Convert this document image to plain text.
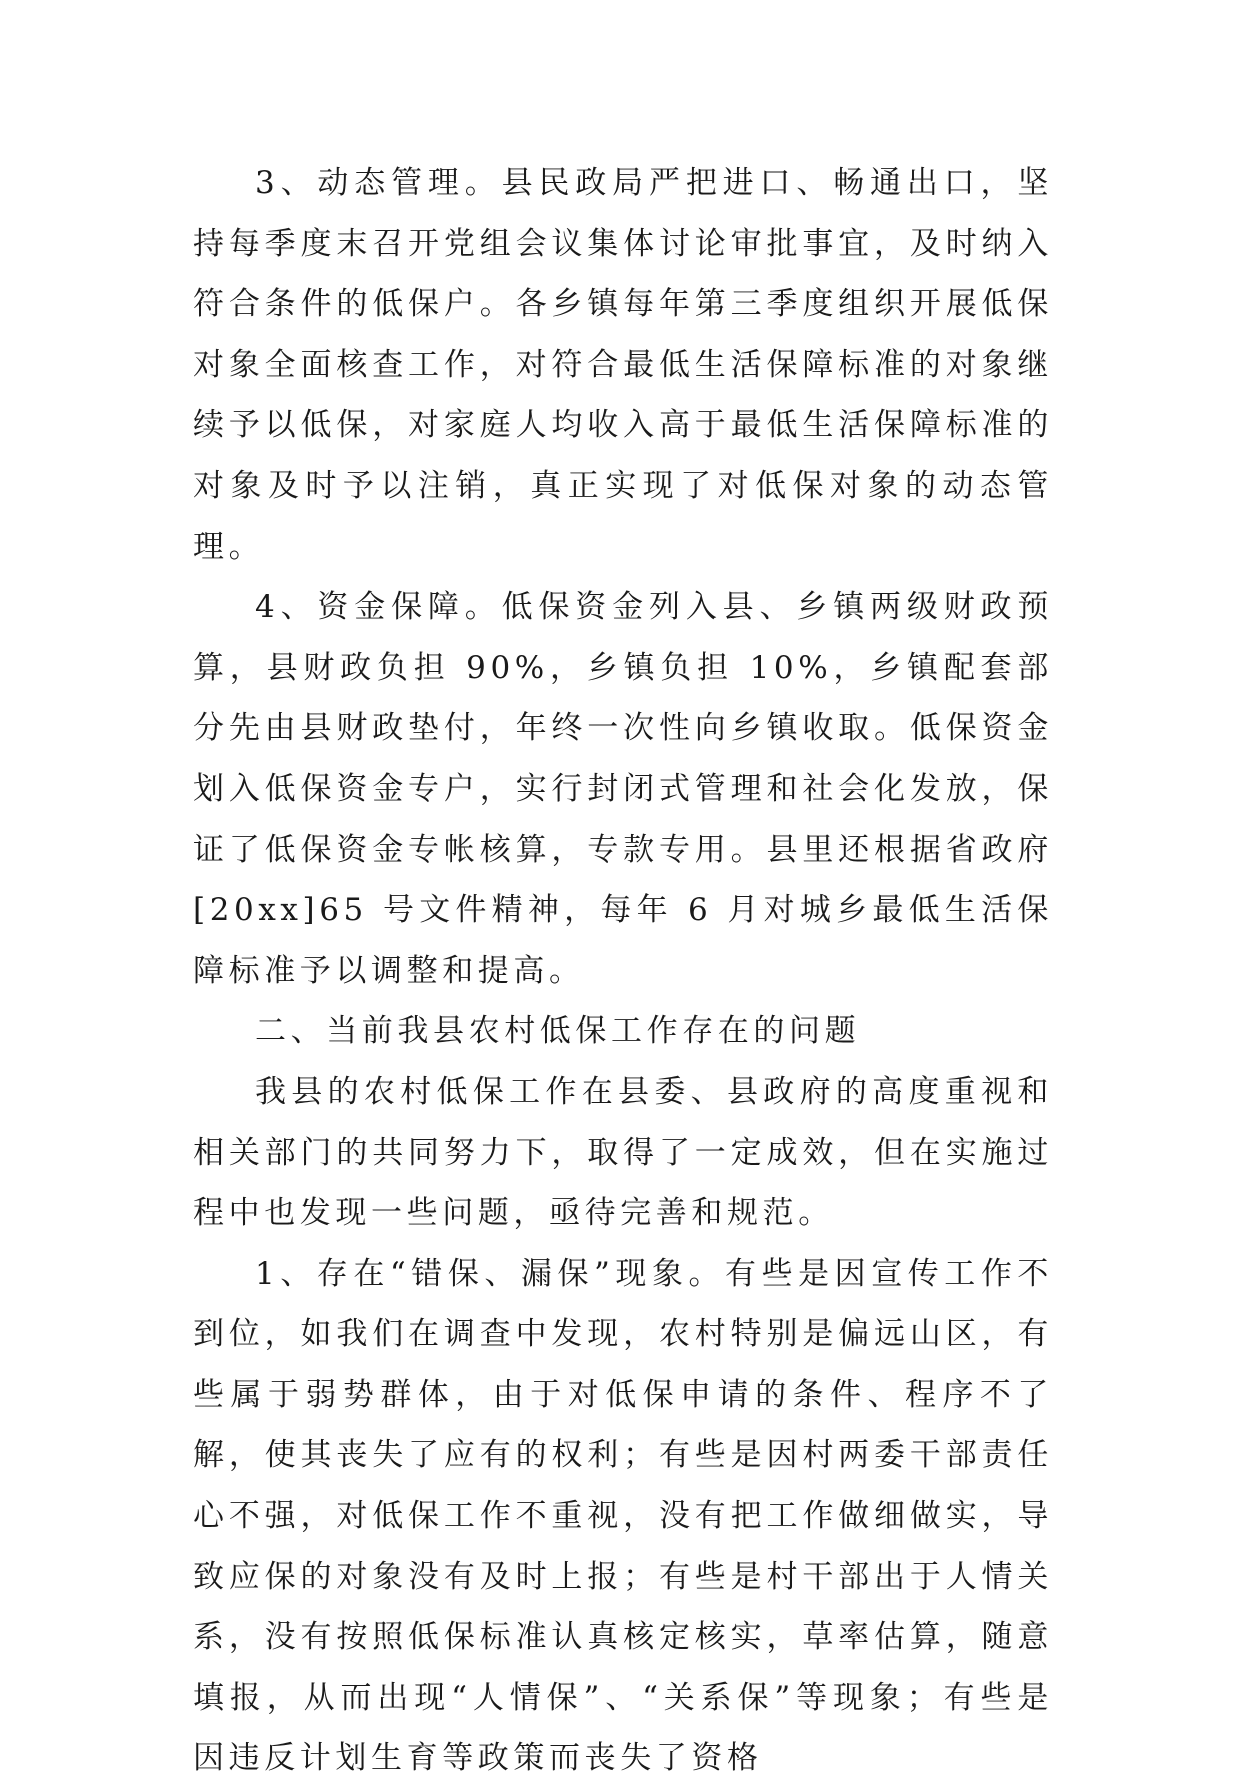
3、动态管理。县民政局严把进口、畅通出口，坚持每季度末召开党组会议集体讨论审批事宜，及时纳入符合条件的低保户。各乡镇每年第三季度组织开展低保对象全面核查工作，对符合最低生活保障标准的对象继续予以低保，对家庭人均收入高于最低生活保障标准的对象及时予以注销，真正实现了对低保对象的动态管理。

4、资金保障。低保资金列入县、乡镇两级财政预算，县财政负担 90%，乡镇负担 10%，乡镇配套部分先由县财政垫付，年终一次性向乡镇收取。低保资金划入低保资金专户，实行封闭式管理和社会化发放，保证了低保资金专帐核算，专款专用。县里还根据省政府[20xx]65 号文件精神，每年 6 月对城乡最低生活保障标准予以调整和提高。

二、当前我县农村低保工作存在的问题

我县的农村低保工作在县委、县政府的高度重视和相关部门的共同努力下，取得了一定成效，但在实施过程中也发现一些问题，亟待完善和规范。

1、存在“错保、漏保”现象。有些是因宣传工作不到位，如我们在调查中发现，农村特别是偏远山区，有些属于弱势群体，由于对低保申请的条件、程序不了解，使其丧失了应有的权利；有些是因村两委干部责任心不强，对低保工作不重视，没有把工作做细做实，导致应保的对象没有及时上报；有些是村干部出于人情关系，没有按照低保标准认真核定核实，草率估算，随意填报，从而出现“人情保”、“关系保”等现象；有些是因违反计划生育等政策而丧失了资格
